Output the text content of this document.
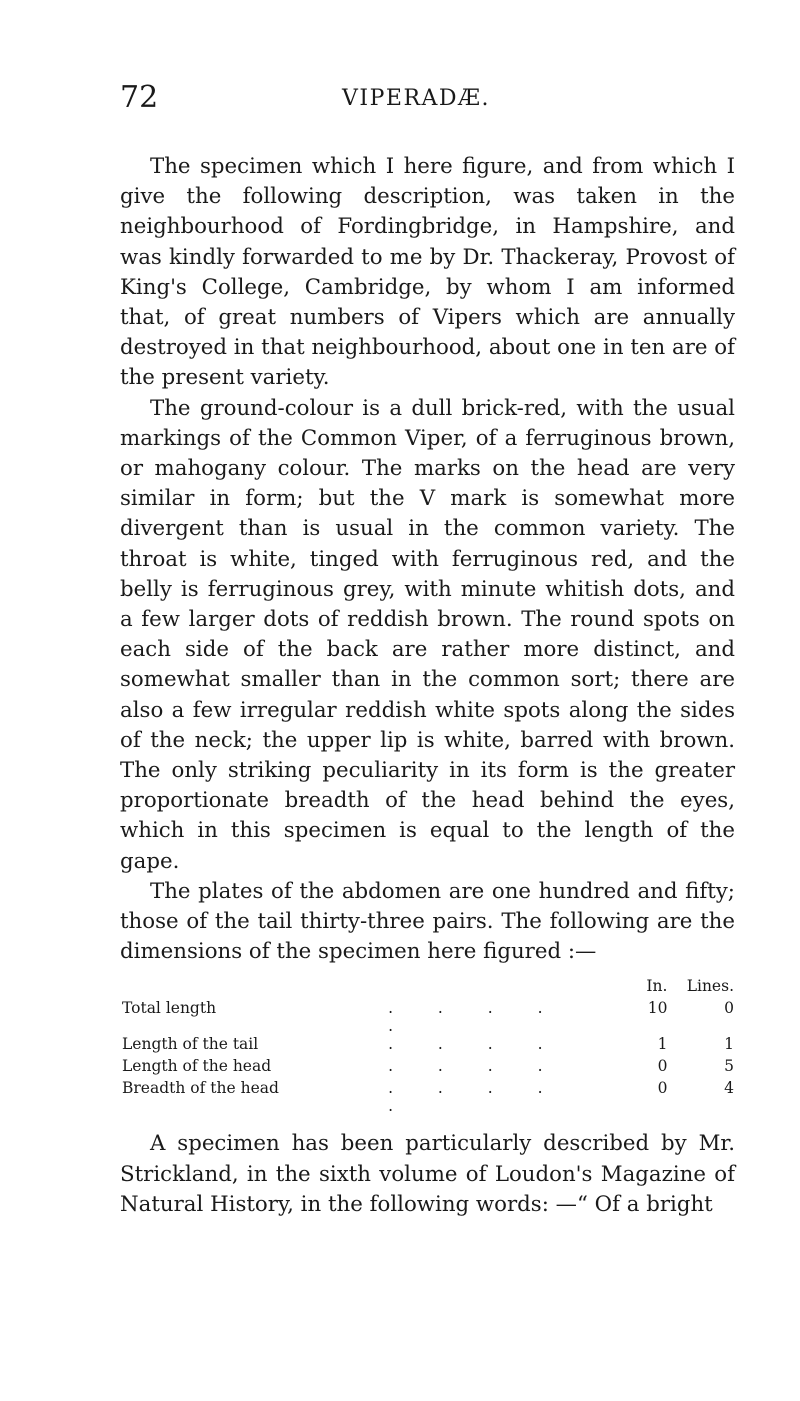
72	VIPERADÆ.

The specimen which I here figure, and from which I give the following description, was taken in the neighbourhood of Fordingbridge, in Hampshire, and was kindly forwarded to me by Dr. Thackeray, Provost of King's College, Cambridge, by whom I am informed that, of great numbers of Vipers which are annually destroyed in that neighbourhood, about one in ten are of the present variety.

The ground-colour is a dull brick-red, with the usual markings of the Common Viper, of a ferruginous brown, or mahogany colour. The marks on the head are very similar in form; but the V mark is somewhat more divergent than is usual in the common variety. The throat is white, tinged with ferruginous red, and the belly is ferruginous grey, with minute whitish dots, and a few larger dots of reddish brown. The round spots on each side of the back are rather more distinct, and somewhat smaller than in the common sort; there are also a few irregular reddish white spots along the sides of the neck; the upper lip is white, barred with brown. The only striking peculiarity in its form is the greater proportionate breadth of the head behind the eyes, which in this specimen is equal to the length of the gape.

The plates of the abdomen are one hundred and fifty; those of the tail thirty-three pairs. The following are the dimensions of the specimen here figured :—

		In.	Lines.
Total length	. . . . .	10	0
Length of the tail	. . . .	1	1
Length of the head	. . . .	0	5
Breadth of the head	. . . . .	0	4

A specimen has been particularly described by Mr. Strickland, in the sixth volume of Loudon's Magazine of Natural History, in the following words: —“ Of a bright
